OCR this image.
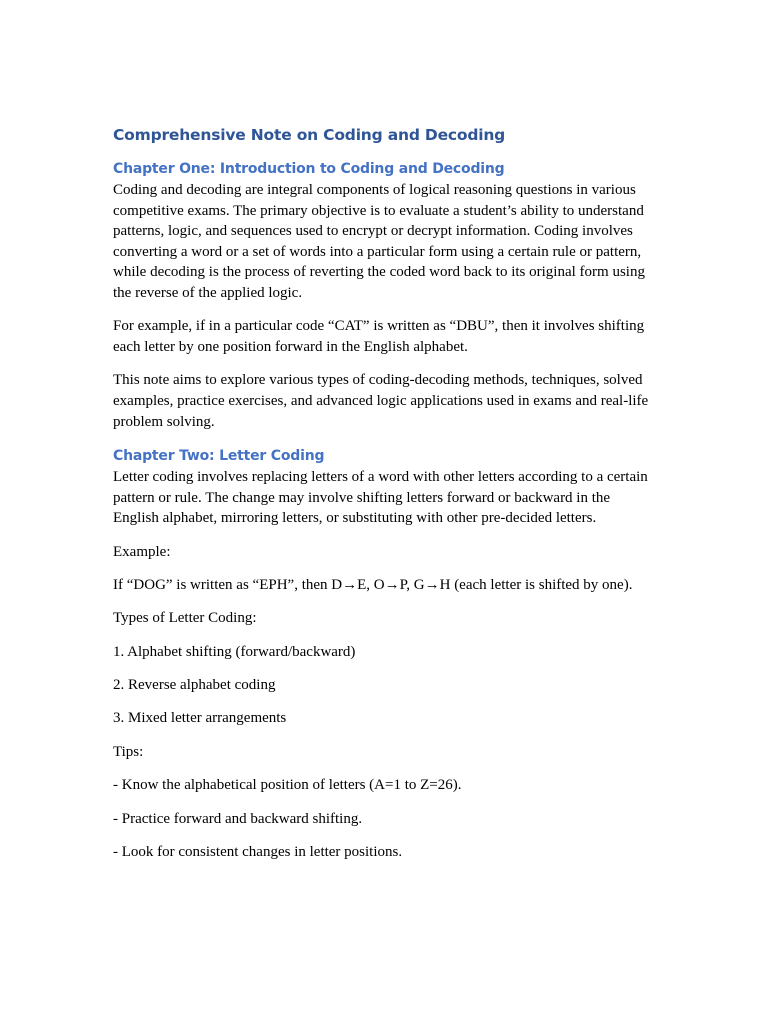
Comprehensive Note on Coding and Decoding
Chapter One: Introduction to Coding and Decoding

Coding and decoding are integral components of logical reasoning questions in various competitive exams. The primary objective is to evaluate a student’s ability to understand patterns, logic, and sequences used to encrypt or decrypt information. Coding involves converting a word or a set of words into a particular form using a certain rule or pattern, while decoding is the process of reverting the coded word back to its original form using the reverse of the applied logic.

For example, if in a particular code “CAT” is written as “DBU”, then it involves shifting each letter by one position forward in the English alphabet.

This note aims to explore various types of coding-decoding methods, techniques, solved examples, practice exercises, and advanced logic applications used in exams and real-life problem solving.

Chapter Two: Letter Coding

Letter coding involves replacing letters of a word with other letters according to a certain pattern or rule. The change may involve shifting letters forward or backward in the English alphabet, mirroring letters, or substituting with other pre-decided letters.

Example:

If “DOG” is written as “EPH”, then D→E, O→P, G→H (each letter is shifted by one).

Types of Letter Coding:

1. Alphabet shifting (forward/backward)

2. Reverse alphabet coding

3. Mixed letter arrangements

Tips:

- Know the alphabetical position of letters (A=1 to Z=26).

- Practice forward and backward shifting.

- Look for consistent changes in letter positions.
